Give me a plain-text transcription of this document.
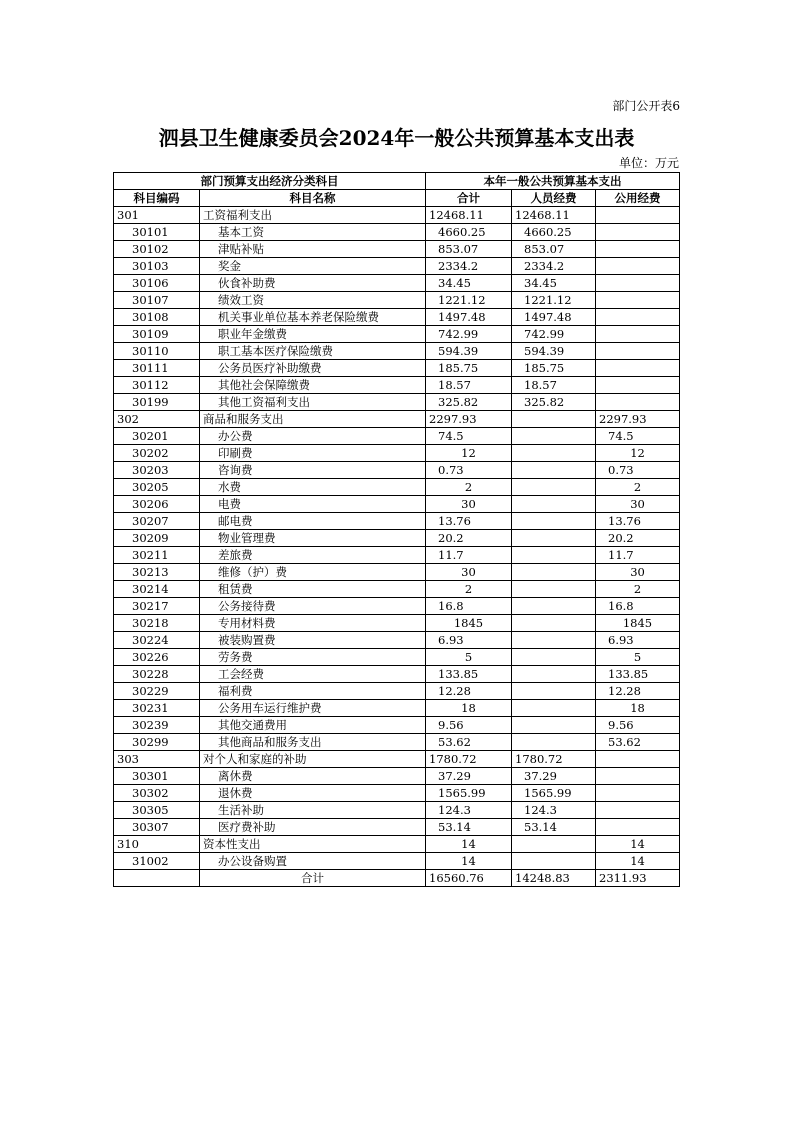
部门公开表6
泗县卫生健康委员会2024年一般公共预算基本支出表
单位：万元
部门预算支出经济分类科目		本年一般公共预算基本支出		
科目编码	科目名称	合计	人员经费	公用经费
301	工资福利支出	12468.11	12468.11	
30101	基本工资	4660.25	4660.25	
30102	津贴补贴	853.07	853.07	
30103	奖金	2334.2	2334.2	
30106	伙食补助费	34.45	34.45	
30107	绩效工资	1221.12	1221.12	
30108	机关事业单位基本养老保险缴费	1497.48	1497.48	
30109	职业年金缴费	742.99	742.99	
30110	职工基本医疗保险缴费	594.39	594.39	
30111	公务员医疗补助缴费	185.75	185.75	
30112	其他社会保障缴费	18.57	18.57	
30199	其他工资福利支出	325.82	325.82	
302	商品和服务支出	2297.93		2297.93
30201	办公费	74.5		74.5
30202	印刷费	12		12
30203	咨询费	0.73		0.73
30205	水费	2		2
30206	电费	30		30
30207	邮电费	13.76		13.76
30209	物业管理费	20.2		20.2
30211	差旅费	11.7		11.7
30213	维修（护）费	30		30
30214	租赁费	2		2
30217	公务接待费	16.8		16.8
30218	专用材料费	1845		1845
30224	被装购置费	6.93		6.93
30226	劳务费	5		5
30228	工会经费	133.85		133.85
30229	福利费	12.28		12.28
30231	公务用车运行维护费	18		18
30239	其他交通费用	9.56		9.56
30299	其他商品和服务支出	53.62		53.62
303	对个人和家庭的补助	1780.72	1780.72	
30301	离休费	37.29	37.29	
30302	退休费	1565.99	1565.99	
30305	生活补助	124.3	124.3	
30307	医疗费补助	53.14	53.14	
310	资本性支出	14		14
31002	办公设备购置	14		14
	合计	16560.76	14248.83	2311.93
